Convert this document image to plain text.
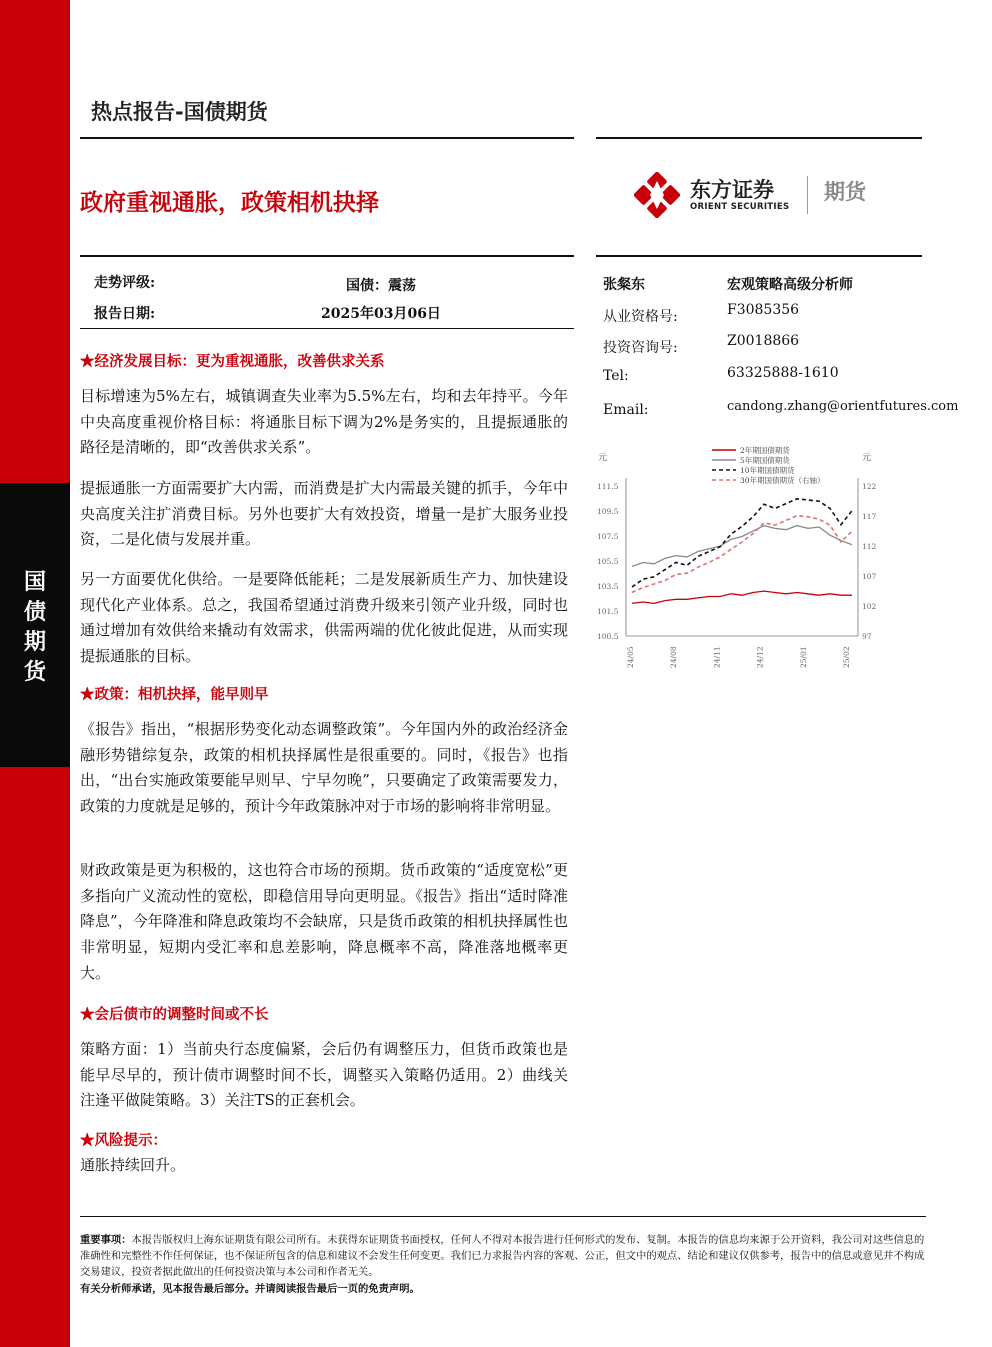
国
债
期
货
热点报告-国债期货
政府重视通胀，政策相机抉择	东方证券
ORIENT SECURITIES
期货
走势评级:	国债：震荡
报告日期:	2025年03月06日
张粲东	宏观策略高级分析师
从业资格号:	F3085356
投资咨询号:	Z0018866
Tel:	63325888-1610
Email:	candong.zhang@orientfutures.com
元	元
111.5
109.5
107.5
105.5
103.5
101.5
100.5
122
117
112
107
102
97
24/05	24/08	24/11	24/12	25/01	25/02
2年期国债期货
5年期国债期货
10年期国债期货
30年期国债期货（右轴）
★经济发展目标：更为重视通胀，改善供求关系

目标增速为5%左右，城镇调查失业率为5.5%左右，均和去年持平。今年中央高度重视价格目标：将通胀目标下调为2%是务实的，且提振通胀的路径是清晰的，即“改善供求关系”。

提振通胀一方面需要扩大内需，而消费是扩大内需最关键的抓手，今年中央高度关注扩消费目标。另外也要扩大有效投资，增量一是扩大服务业投资，二是化债与发展并重。

另一方面要优化供给。一是要降低能耗；二是发展新质生产力、加快建设现代化产业体系。总之，我国希望通过消费升级来引领产业升级，同时也通过增加有效供给来撬动有效需求，供需两端的优化彼此促进，从而实现提振通胀的目标。

★政策：相机抉择，能早则早

《报告》指出，“根据形势变化动态调整政策”。今年国内外的政治经济金融形势错综复杂，政策的相机抉择属性是很重要的。同时，《报告》也指出，“出台实施政策要能早则早、宁早勿晚”，只要确定了政策需要发力，政策的力度就是足够的，预计今年政策脉冲对于市场的影响将非常明显。

财政政策是更为积极的，这也符合市场的预期。货币政策的“适度宽松”更多指向广义流动性的宽松，即稳信用导向更明显。《报告》指出“适时降准降息”，今年降准和降息政策均不会缺席，只是货币政策的相机抉择属性也非常明显，短期内受汇率和息差影响，降息概率不高，降准落地概率更大。

★会后债市的调整时间或不长

策略方面：1）当前央行态度偏紧，会后仍有调整压力，但货币政策也是能早尽早的，预计债市调整时间不长，调整买入策略仍适用。2）曲线关注逢平做陡策略。3）关注TS的正套机会。

★风险提示：

通胀持续回升。

重要事项：本报告版权归上海东证期货有限公司所有。未获得东证期货书面授权，任何人不得对本报告进行任何形式的发布、复制。本报告的信息均来源于公开资料，我公司对这些信息的准确性和完整性不作任何保证，也不保证所包含的信息和建议不会发生任何变更。我们已力求报告内容的客观、公正，但文中的观点、结论和建议仅供参考，报告中的信息或意见并不构成交易建议，投资者据此做出的任何投资决策与本公司和作者无关。

有关分析师承诺，见本报告最后部分。并请阅读报告最后一页的免责声明。
